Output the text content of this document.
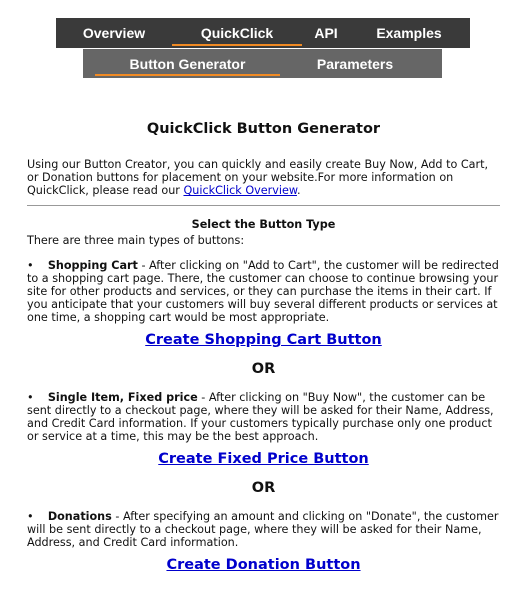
Overview	QuickClick	API	Examples
Button Generator	Parameters
QuickClick Button Generator
Using our Button Creator, you can quickly and easily create Buy Now, Add to Cart, or Donation buttons for placement on your website.For more information on QuickClick, please read our QuickClick Overview.
Select the Button Type
There are three main types of buttons:
•    Shopping Cart - After clicking on "Add to Cart", the customer will be redirected to a shopping cart page. There, the customer can choose to continue browsing your site for other products and services, or they can purchase the items in their cart. If you anticipate that your customers will buy several different products or services at one time, a shopping cart would be most appropriate.
Create Shopping Cart Button
OR
•    Single Item, Fixed price - After clicking on "Buy Now", the customer can be sent directly to a checkout page, where they will be asked for their Name, Address, and Credit Card information. If your customers typically purchase only one product or service at a time, this may be the best approach.
Create Fixed Price Button
OR
•    Donations - After specifying an amount and clicking on "Donate", the customer will be sent directly to a checkout page, where they will be asked for their Name, Address, and Credit Card information.
Create Donation Button
